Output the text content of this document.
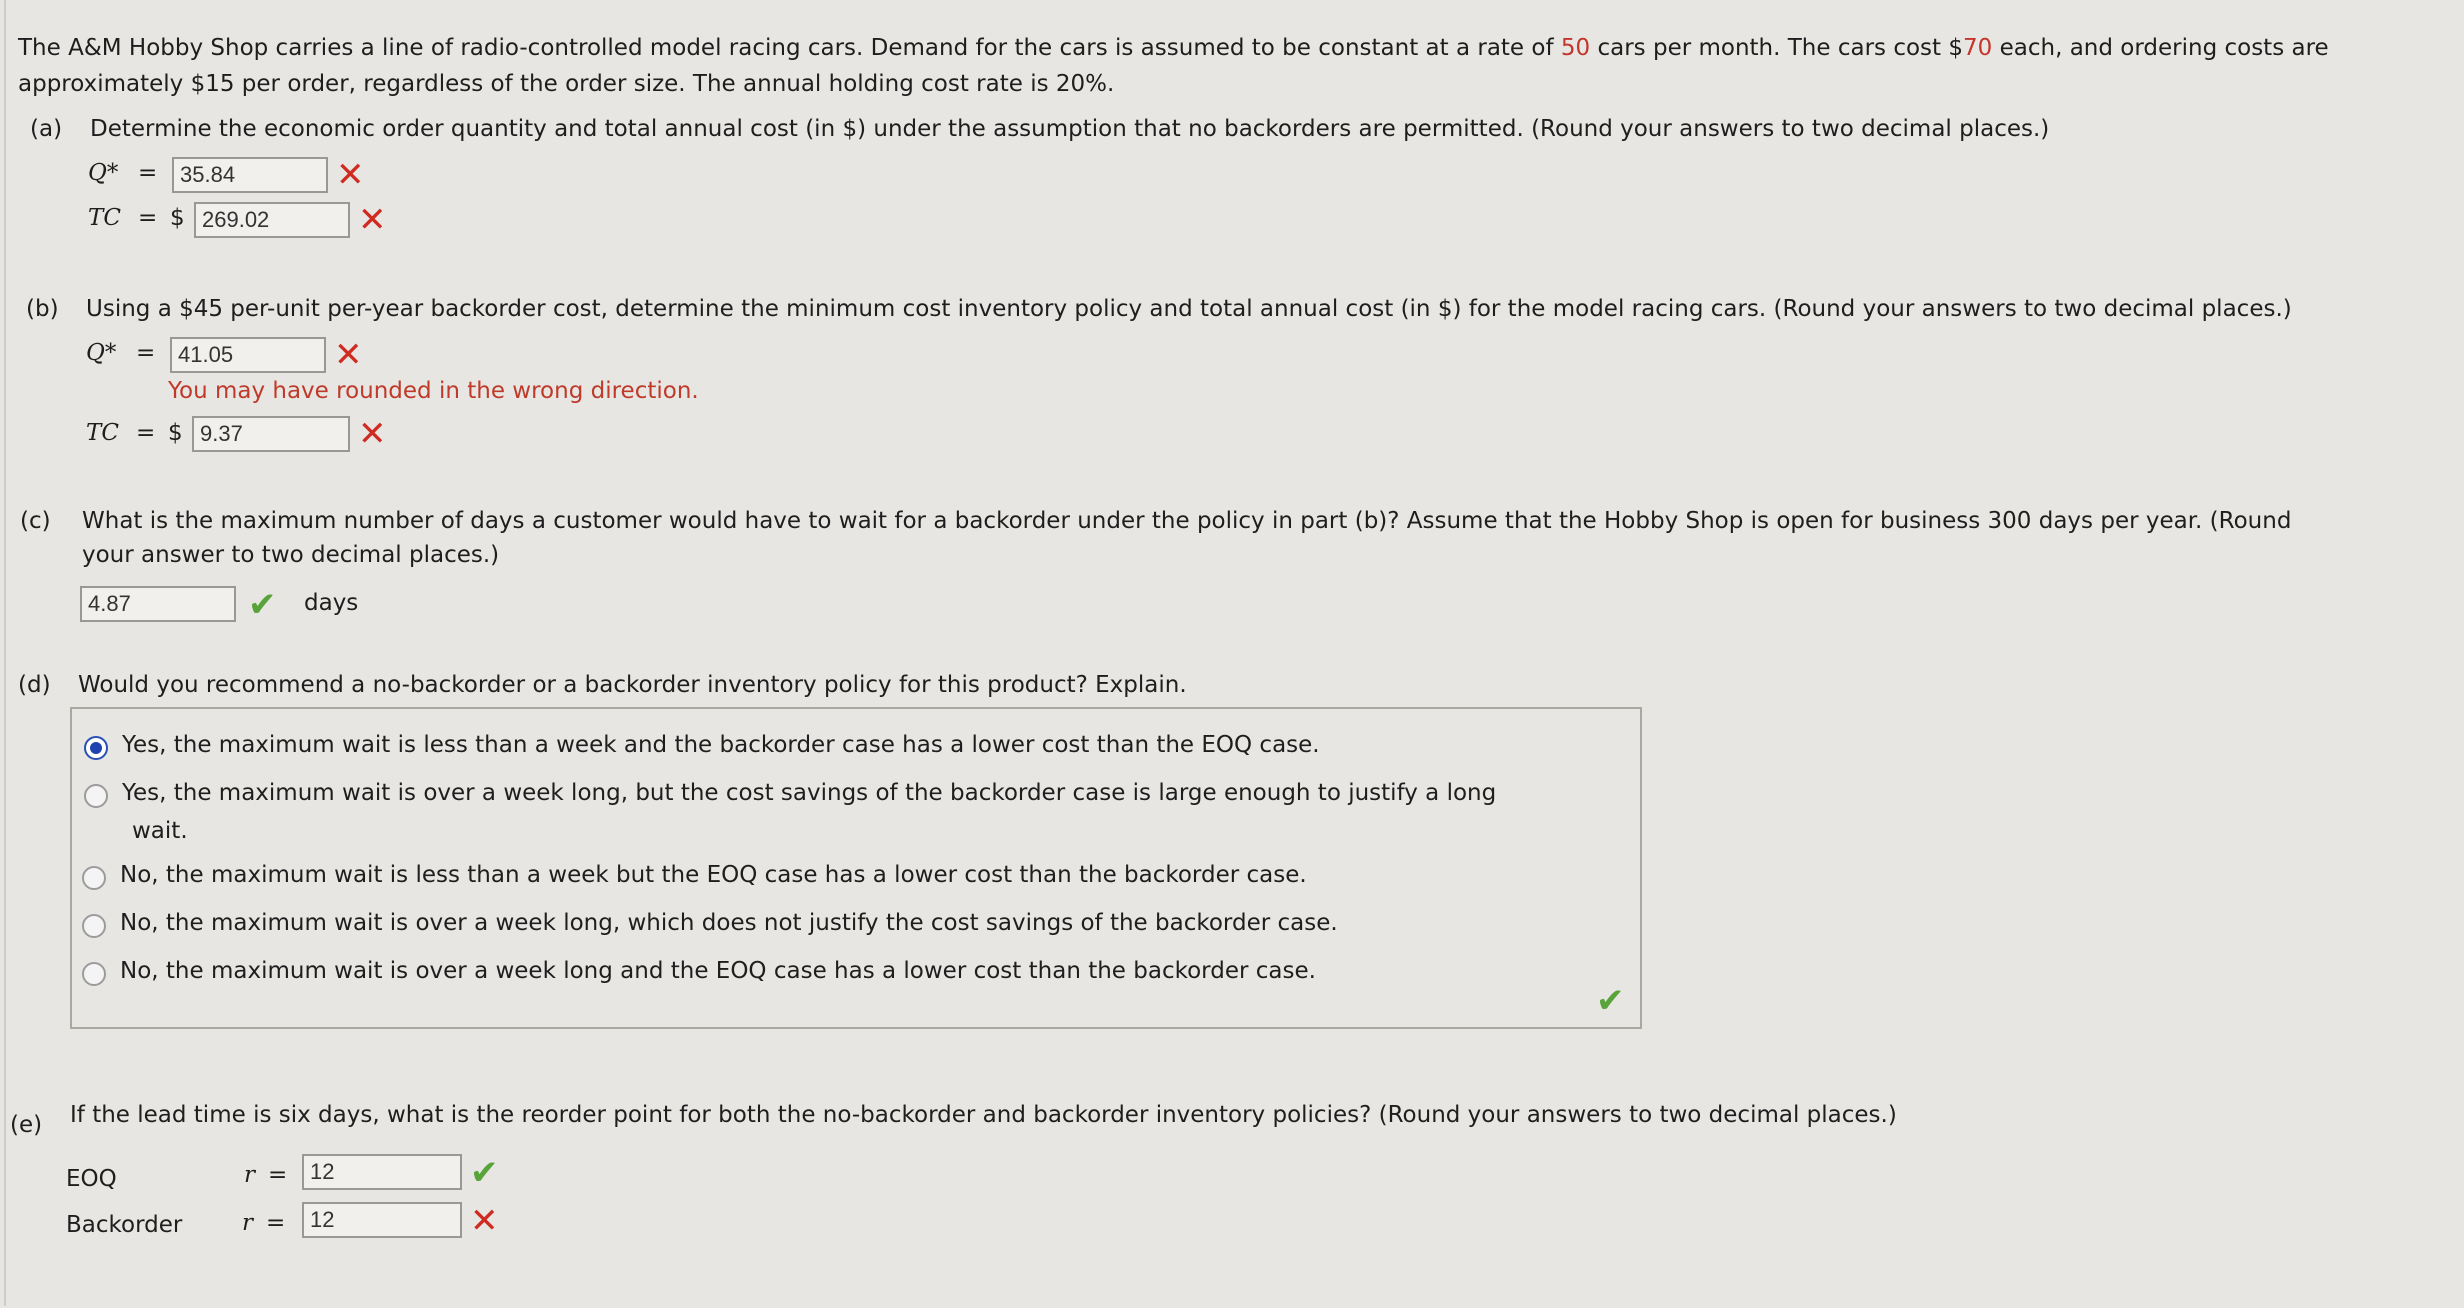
The A&M Hobby Shop carries a line of radio-controlled model racing cars. Demand for the cars is assumed to be constant at a rate of 50 cars per month. The cars cost $70 each, and ordering costs are approximately $15 per order, regardless of the order size. The annual holding cost rate is 20%.

(a) Determine the economic order quantity and total annual cost (in $) under the assumption that no backorders are permitted. (Round your answers to two decimal places.)
Q* =	35.84	✕
TC = $ 269.02	✕
(b) Using a $45 per-unit per-year backorder cost, determine the minimum cost inventory policy and total annual cost (in $) for the model racing cars. (Round your answers to two decimal places.)
Q* =	41.05	✕
You may have rounded in the wrong direction.
TC = $ 9.37	✕
(c) What is the maximum number of days a customer would have to wait for a backorder under the policy in part (b)? Assume that the Hobby Shop is open for business 300 days per year. (Round
your answer to two decimal places.)
4.87	✔ days
(d) Would you recommend a no-backorder or a backorder inventory policy for this product? Explain.
Yes, the maximum wait is less than a week and the backorder case has a lower cost than the EOQ case.
Yes, the maximum wait is over a week long, but the cost savings of the backorder case is large enough to justify a long
wait.
No, the maximum wait is less than a week but the EOQ case has a lower cost than the backorder case.
No, the maximum wait is over a week long, which does not justify the cost savings of the backorder case.
No, the maximum wait is over a week long and the EOQ case has a lower cost than the backorder case.
✔
(e) If the lead time is six days, what is the reorder point for both the no-backorder and backorder inventory policies? (Round your answers to two decimal places.)
EOQ	r =	12	✔
Backorder	r =	12	✕
